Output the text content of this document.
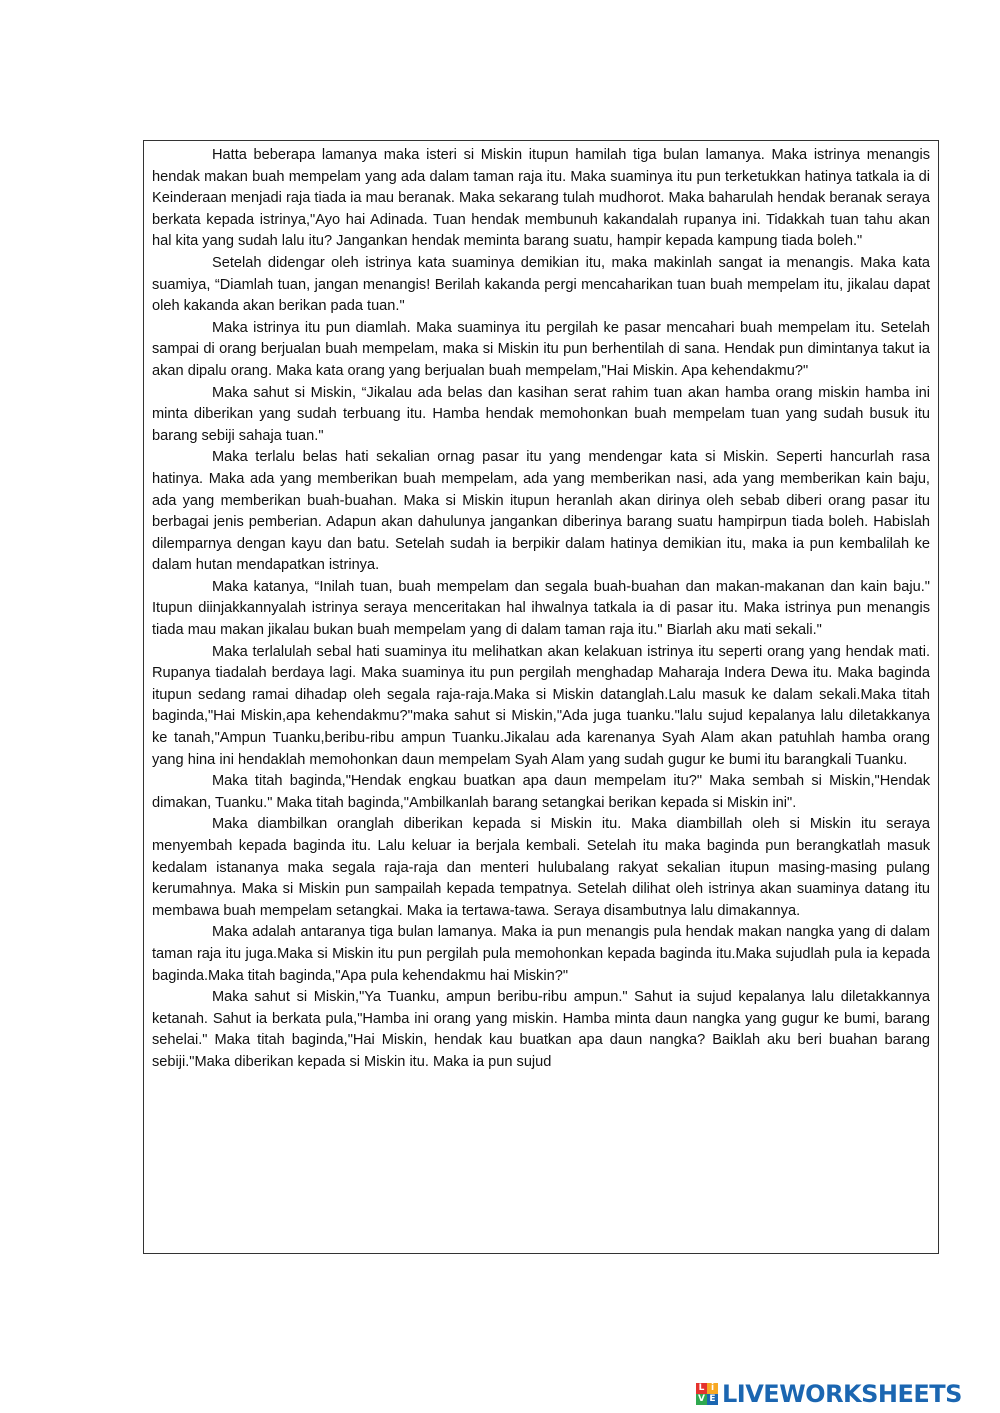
Hatta beberapa lamanya maka isteri si Miskin itupun hamilah tiga bulan lamanya. Maka istrinya menangis hendak makan buah mempelam yang ada dalam taman raja itu. Maka suaminya itu pun terketukkan hatinya tatkala ia di Keinderaan menjadi raja tiada ia mau beranak. Maka sekarang tulah mudhorot. Maka baharulah hendak beranak seraya berkata kepada istrinya,"Ayo hai Adinada. Tuan hendak membunuh kakandalah rupanya ini. Tidakkah tuan tahu akan hal kita yang sudah lalu itu? Jangankan hendak meminta barang suatu, hampir kepada kampung tiada boleh."

Setelah didengar oleh istrinya kata suaminya demikian itu, maka makinlah sangat ia menangis. Maka kata suamiya, “Diamlah tuan, jangan menangis! Berilah kakanda pergi mencaharikan tuan buah mempelam itu, jikalau dapat oleh kakanda akan berikan pada tuan."

Maka istrinya itu pun diamlah. Maka suaminya itu pergilah ke pasar mencahari buah mempelam itu. Setelah sampai di orang berjualan buah mempelam, maka si Miskin itu pun berhentilah di sana. Hendak pun dimintanya takut ia akan dipalu orang. Maka kata orang yang berjualan buah mempelam,"Hai Miskin. Apa kehendakmu?"

Maka sahut si Miskin, “Jikalau ada belas dan kasihan serat rahim tuan akan hamba orang miskin hamba ini minta diberikan yang sudah terbuang itu. Hamba hendak memohonkan buah mempelam tuan yang sudah busuk itu barang sebiji sahaja tuan."

Maka terlalu belas hati sekalian ornag pasar itu yang mendengar kata si Miskin. Seperti hancurlah rasa hatinya. Maka ada yang memberikan buah mempelam, ada yang memberikan nasi, ada yang memberikan kain baju, ada yang memberikan buah-buahan. Maka si Miskin itupun heranlah akan dirinya oleh sebab diberi orang pasar itu berbagai jenis pemberian. Adapun akan dahulunya jangankan diberinya barang suatu hampirpun tiada boleh. Habislah dilemparnya dengan kayu dan batu. Setelah sudah ia berpikir dalam hatinya demikian itu, maka ia pun kembalilah ke dalam hutan mendapatkan istrinya.

Maka katanya, “Inilah tuan, buah mempelam dan segala buah-buahan dan makan-makanan dan kain baju." Itupun diinjakkannyalah istrinya seraya menceritakan hal ihwalnya tatkala ia di pasar itu. Maka istrinya pun menangis tiada mau makan jikalau bukan buah mempelam yang di dalam taman raja itu." Biarlah aku mati sekali."

Maka terlalulah sebal hati suaminya itu melihatkan akan kelakuan istrinya itu seperti orang yang hendak mati. Rupanya tiadalah berdaya lagi. Maka suaminya itu pun pergilah menghadap Maharaja Indera Dewa itu. Maka baginda itupun sedang ramai dihadap oleh segala raja-raja.Maka si Miskin datanglah.Lalu masuk ke dalam sekali.Maka titah baginda,"Hai Miskin,apa kehendakmu?"maka sahut si Miskin,"Ada juga tuanku."lalu sujud kepalanya lalu diletakkanya ke tanah,"Ampun Tuanku,beribu-ribu ampun Tuanku.Jikalau ada karenanya Syah Alam akan patuhlah hamba orang yang hina ini hendaklah memohonkan daun mempelam Syah Alam yang sudah gugur ke bumi itu barangkali Tuanku.

Maka titah baginda,"Hendak engkau buatkan apa daun mempelam itu?" Maka sembah si Miskin,"Hendak dimakan, Tuanku." Maka titah baginda,"Ambilkanlah barang setangkai berikan kepada si Miskin ini".

Maka diambilkan oranglah diberikan kepada si Miskin itu. Maka diambillah oleh si Miskin itu seraya menyembah kepada baginda itu. Lalu keluar ia berjala kembali. Setelah itu maka baginda pun berangkatlah masuk kedalam istananya maka segala raja-raja dan menteri hulubalang rakyat sekalian itupun masing-masing pulang kerumahnya. Maka si Miskin pun sampailah kepada tempatnya. Setelah dilihat oleh istrinya akan suaminya datang itu membawa buah mempelam setangkai. Maka ia tertawa-tawa. Seraya disambutnya lalu dimakannya.

Maka adalah antaranya tiga bulan lamanya. Maka ia pun menangis pula hendak makan nangka yang di dalam taman raja itu juga.Maka si Miskin itu pun pergilah pula memohonkan kepada baginda itu.Maka sujudlah pula ia kepada baginda.Maka titah baginda,"Apa pula kehendakmu hai Miskin?"

Maka sahut si Miskin,"Ya Tuanku, ampun beribu-ribu ampun." Sahut ia sujud kepalanya lalu diletakkannya ketanah. Sahut ia berkata pula,"Hamba ini orang yang miskin. Hamba minta daun nangka yang gugur ke bumi, barang sehelai." Maka titah baginda,"Hai Miskin, hendak kau buatkan apa daun nangka? Baiklah aku beri buahan barang sebiji."Maka diberikan kepada si Miskin itu. Maka ia pun sujud

L i
V E LIVEWORKSHEETS
